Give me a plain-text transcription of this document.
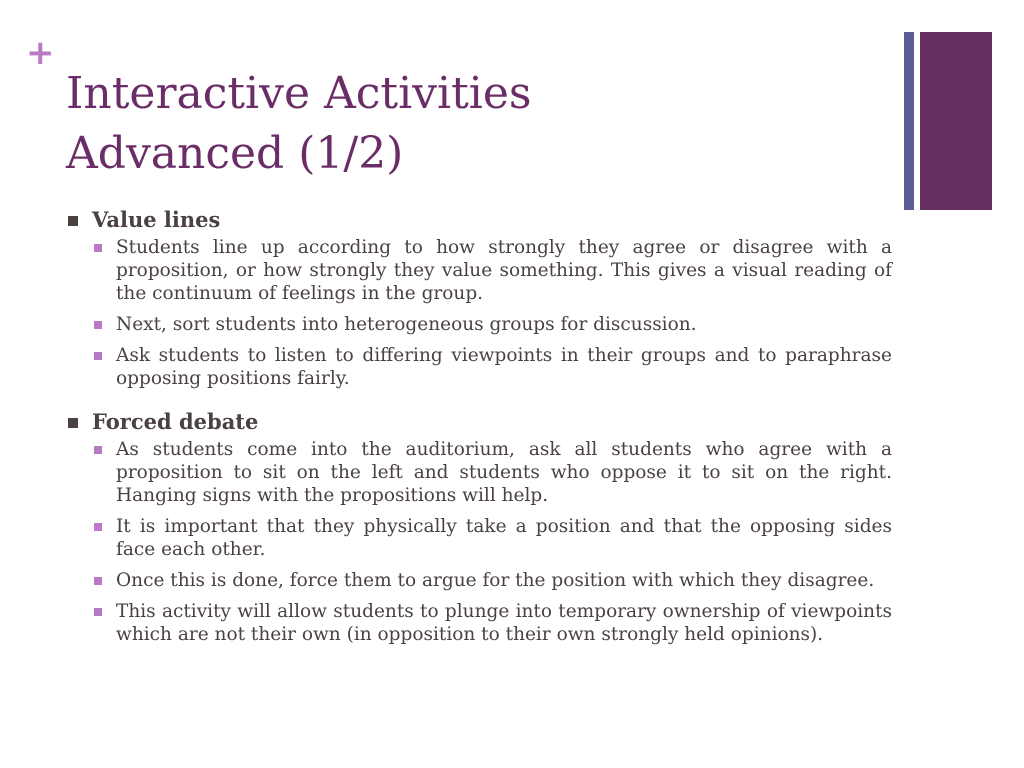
+
Interactive Activities
Advanced (1/2)
Value lines
Students line up according to how strongly they agree or disagree with a proposition, or how strongly they value something. This gives a visual reading of the continuum of feelings in the group.
Next, sort students into heterogeneous groups for discussion.
Ask students to listen to differing viewpoints in their groups and to paraphrase opposing positions fairly.
Forced debate
As students come into the auditorium, ask all students who agree with a proposition to sit on the left and students who oppose it to sit on the right. Hanging signs with the propositions will help.
It is important that they physically take a position and that the opposing sides face each other.
Once this is done, force them to argue for the position with which they disagree.
This activity will allow students to plunge into temporary ownership of viewpoints which are not their own (in opposition to their own strongly held opinions).
